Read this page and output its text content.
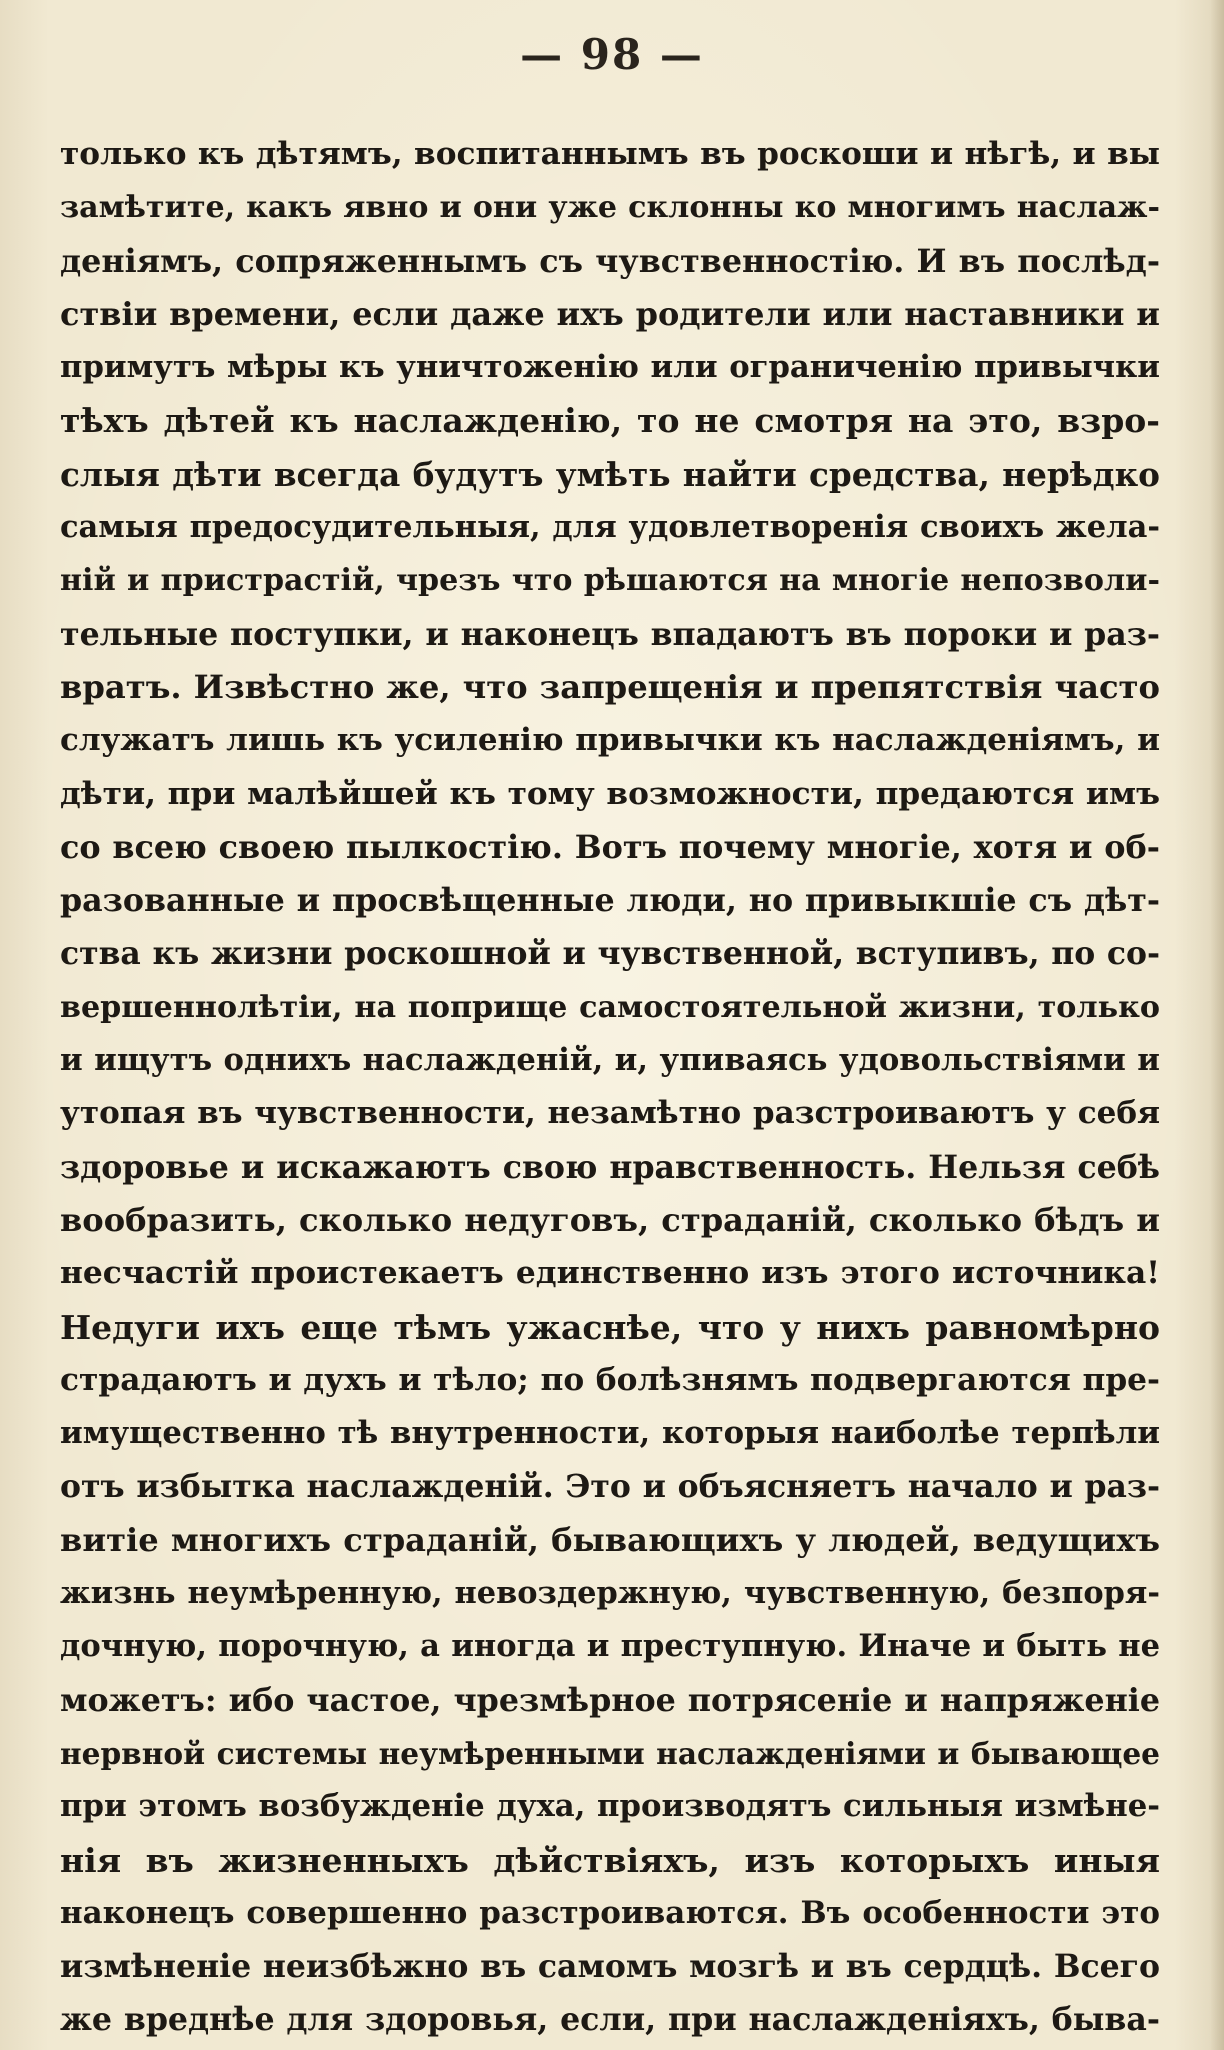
— 98 —
только къ дѣтямъ, воспитаннымъ въ роскоши и нѣгѣ, и вы
замѣтите, какъ явно и они уже склонны ко многимъ наслаж-
деніямъ, сопряженнымъ съ чувственностію. И въ послѣд-
ствіи времени, если даже ихъ родители или наставники и
примутъ мѣры къ уничтоженію или ограниченію привычки
тѣхъ дѣтей къ наслажденію, то не смотря на это, взро-
слыя дѣти всегда будутъ умѣть найти средства, нерѣдко
самыя предосудительныя, для удовлетворенія своихъ жела-
ній и пристрастій, чрезъ что рѣшаются на многіе непозволи-
тельные поступки, и наконецъ впадаютъ въ пороки и раз-
вратъ. Извѣстно же, что запрещенія и препятствія часто
служатъ лишь къ усиленію привычки къ наслажденіямъ, и
дѣти, при малѣйшей къ тому возможности, предаются имъ
со всею своею пылкостію. Вотъ почему многіе, хотя и об-
разованные и просвѣщенные люди, но привыкшіе съ дѣт-
ства къ жизни роскошной и чувственной, вступивъ, по со-
вершеннолѣтіи, на поприще самостоятельной жизни, только
и ищутъ однихъ наслажденій, и, упиваясь удовольствіями и
утопая въ чувственности, незамѣтно разстроиваютъ у себя
здоровье и искажаютъ свою нравственность. Нельзя себѣ
вообразить, сколько недуговъ, страданій, сколько бѣдъ и
несчастій проистекаетъ единственно изъ этого источника!
Недуги ихъ еще тѣмъ ужаснѣе, что у нихъ равномѣрно
страдаютъ и духъ и тѣло; по болѣзнямъ подвергаются пре-
имущественно тѣ внутренности, которыя наиболѣе терпѣли
отъ избытка наслажденій. Это и объясняетъ начало и раз-
витіе многихъ страданій, бывающихъ у людей, ведущихъ
жизнь неумѣренную, невоздержную, чувственную, безпоря-
дочную, порочную, а иногда и преступную. Иначе и быть не
можетъ: ибо частое, чрезмѣрное потрясеніе и напряженіе
нервной системы неумѣренными наслажденіями и бывающее
при этомъ возбужденіе духа, производятъ сильныя измѣне-
нія въ жизненныхъ дѣйствіяхъ, изъ которыхъ иныя
наконецъ совершенно разстроиваются. Въ особенности это
измѣненіе неизбѣжно въ самомъ мозгѣ и въ сердцѣ. Всего
же вреднѣе для здоровья, если, при наслажденіяхъ, быва-
